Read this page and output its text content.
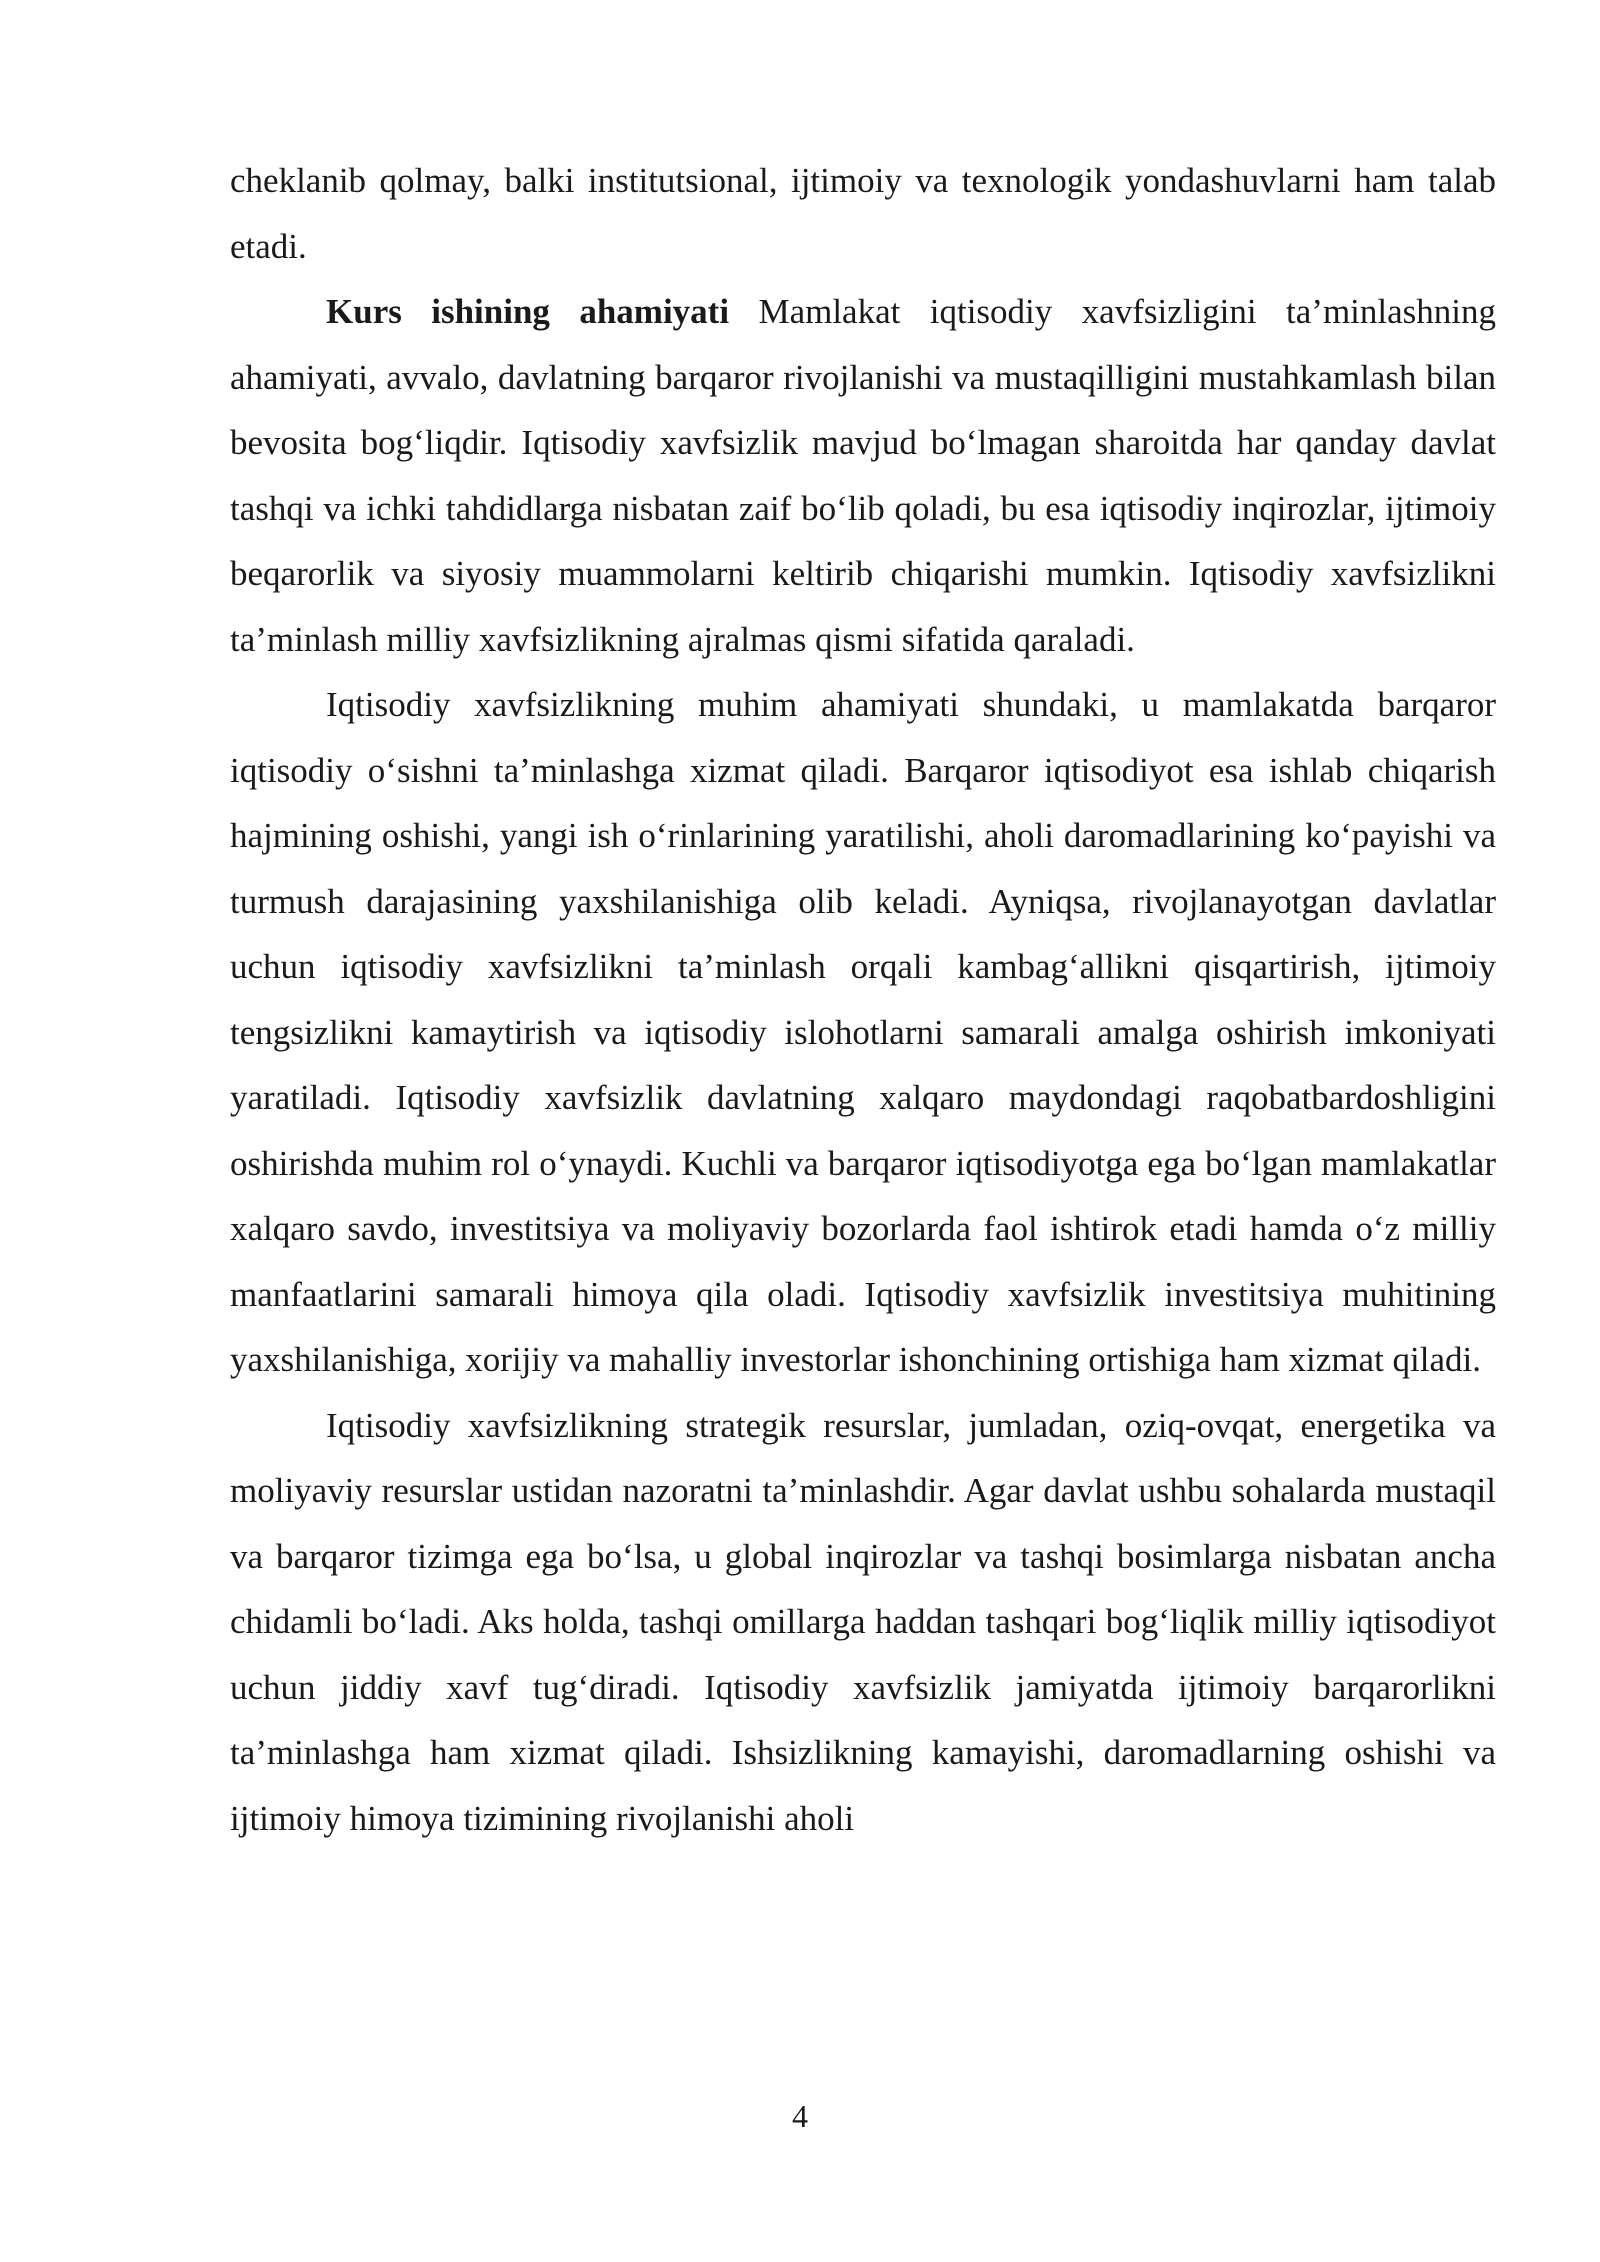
cheklanib qolmay, balki institutsional, ijtimoiy va texnologik yondashuvlarni ham talab etadi.

Kurs ishining ahamiyati Mamlakat iqtisodiy xavfsizligini ta’minlashning ahamiyati, avvalo, davlatning barqaror rivojlanishi va mustaqilligini mustahkamlash bilan bevosita bog‘liqdir. Iqtisodiy xavfsizlik mavjud bo‘lmagan sharoitda har qanday davlat tashqi va ichki tahdidlarga nisbatan zaif bo‘lib qoladi, bu esa iqtisodiy inqirozlar, ijtimoiy beqarorlik va siyosiy muammolarni keltirib chiqarishi mumkin. Iqtisodiy xavfsizlikni ta’minlash milliy xavfsizlikning ajralmas qismi sifatida qaraladi.

Iqtisodiy xavfsizlikning muhim ahamiyati shundaki, u mamlakatda barqaror iqtisodiy o‘sishni ta’minlashga xizmat qiladi. Barqaror iqtisodiyot esa ishlab chiqarish hajmining oshishi, yangi ish o‘rinlarining yaratilishi, aholi daromadlarining ko‘payishi va turmush darajasining yaxshilanishiga olib keladi. Ayniqsa, rivojlanayotgan davlatlar uchun iqtisodiy xavfsizlikni ta’minlash orqali kambag‘allikni qisqartirish, ijtimoiy tengsizlikni kamaytirish va iqtisodiy islohotlarni samarali amalga oshirish imkoniyati yaratiladi. Iqtisodiy xavfsizlik davlatning xalqaro maydondagi raqobatbardoshligini oshirishda muhim rol o‘ynaydi. Kuchli va barqaror iqtisodiyotga ega bo‘lgan mamlakatlar xalqaro savdo, investitsiya va moliyaviy bozorlarda faol ishtirok etadi hamda o‘z milliy manfaatlarini samarali himoya qila oladi. Iqtisodiy xavfsizlik investitsiya muhitining yaxshilanishiga, xorijiy va mahalliy investorlar ishonchining ortishiga ham xizmat qiladi.

Iqtisodiy xavfsizlikning strategik resurslar, jumladan, oziq-ovqat, energetika va moliyaviy resurslar ustidan nazoratni ta’minlashdir. Agar davlat ushbu sohalarda mustaqil va barqaror tizimga ega bo‘lsa, u global inqirozlar va tashqi bosimlarga nisbatan ancha chidamli bo‘ladi. Aks holda, tashqi omillarga haddan tashqari bog‘liqlik milliy iqtisodiyot uchun jiddiy xavf tug‘diradi. Iqtisodiy xavfsizlik jamiyatda ijtimoiy barqarorlikni ta’minlashga ham xizmat qiladi. Ishsizlikning kamayishi, daromadlarning oshishi va ijtimoiy himoya tizimining rivojlanishi aholi

4
